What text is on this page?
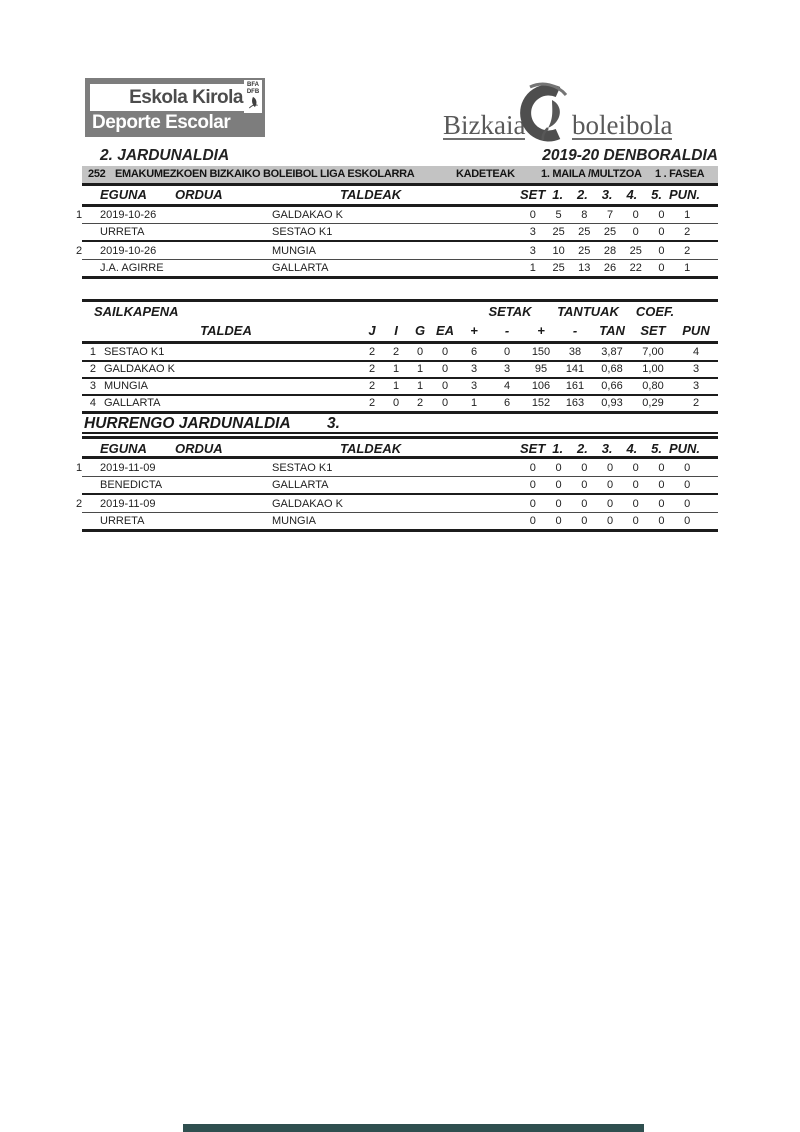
Eskola Kirola
Deporte Escolar
BFA
DFB
Bizkaia boleibola
2. JARDUNALDIA	2019-20 DENBORALDIA
252 EMAKUMEZKOEN BIZKAIKO BOLEIBOL LIGA ESKOLARRA	KADETEAK 1. MAILA /MULTZOA 1 . FASEA
EGUNA ORDUA	TALDEAK	SET 1.	2.	3.	4.	5. PUN.
1	2019-10-26	GALDAKAO K	0	5	8	7	0	0	1
URRETA	SESTAO K1	3	25	25	25	0	0	2
2	2019-10-26	MUNGIA	3	10	25	28	25	0	2
J.A. AGIRRE	GALLARTA	1	25	13	26	22	0	1
SAILKAPENA	SETAK TANTUAK COEF.
TALDEA	J	I	G EA	+	-	+	-	TAN	SET	PUN
1 SESTAO K1	2	2	0	0	6	0	150	38	3,87	7,00	4
2 GALDAKAO K	2	1	1	0	3	3	95	141	0,68	1,00	3
3 MUNGIA	2	1	1	0	3	4	106	161	0,66	0,80	3
4 GALLARTA	2	0	2	0	1	6	152	163	0,93	0,29	2
HURRENGO JARDUNALDIA 3.
EGUNA ORDUA	TALDEAK	SET 1.	2.	3.	4.	5. PUN.
1	2019-11-09	SESTAO K1	0	0	0	0	0	0	0
BENEDICTA	GALLARTA	0	0	0	0	0	0	0
2	2019-11-09	GALDAKAO K	0	0	0	0	0	0	0
URRETA	MUNGIA	0	0	0	0	0	0	0
